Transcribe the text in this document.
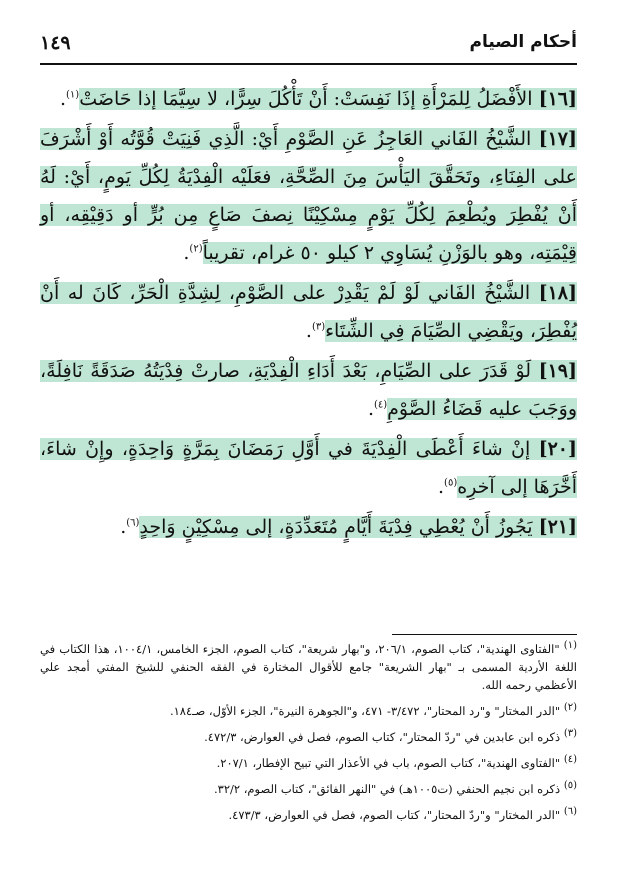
أحكام الصيام
١٤٩

[١٦] الأَفْضَلُ لِلمَرْأَةِ إذَا نَفِسَتْ: أَنْ تَأْكُلَ سِرًّا، لا سِيَّمَا إذا حَاضَتْ$^{(١)}$.

[١٧] الشَّيْخُ الفَاني العَاجِزُ عَنِ الصَّوْمِ أَيْ: الَّذِي فَنِيَتْ قُوَّتُه أَوْ أَشْرَفَ على الفِنَاءِ، وتَحَقَّقَ اليَأْسَ مِنَ الصِّحَّةِ، فعَلَيْه الْفِدْيَةُ لِكُلِّ يَومٍ، أَيْ: لَهُ أَنْ يُفْطِرَ ويُطْعِمَ لِكُلِّ يَوْمٍ مِسْكِيْنًا نِصفَ صَاعٍ مِن بُرٍّ أو دَقِيْقِه، أو قِيْمَتِه، وهو بالوَزْنِ يُسَاوِي ٢ كيلو ٥٠ غرام، تقريباً$^{(٢)}$.

[١٨] الشَّيْخُ الفَاني لَوْ لَمْ يَقْدِرْ على الصَّوْمِ، لِشِدَّةِ الْحَرِّ، كَانَ له أَنْ يُفْطِرَ، ويَقْضِي الصِّيَامَ فِي الشِّتَاء$^{(٣)}$.

[١٩] لَوْ قَدَرَ على الصِّيَامِ، بَعْدَ أَدَاءِ الْفِدْيَةِ، صارتْ فِدْيَتُهُ صَدَقَةً نَافِلَةً، ووَجَبَ عليه قَضَاءُ الصَّوْمِ$^{(٤)}$.

[٢٠] إنْ شاءَ أَعْطَى الْفِدْيَةَ في أَوَّلِ رَمَضَانَ بِمَرَّةٍ وَاحِدَةٍ، وإِنْ شاءَ، أَخَّرَهَا إلى آخرِه$^{(٥)}$.

[٢١] يَجُوزُ أَنْ يُعْطِي فِدْيَةَ أَيَّامٍ مُتَعَدِّدَةٍ، إلى مِسْكِيْنٍ وَاحِدٍ$^{(٦)}$.

$^{(١)}$ "الفتاوى الهندية"، كتاب الصوم، ٢٠٦/١، و"بهار شريعة"، كتاب الصوم، الجزء الخامس، ١٠٠٤/١، هذا الكتاب في اللغة الأردية المسمى بـ "بهار الشريعة" جامع للأقوال المختارة في الفقه الحنفي للشيخ المفتي أمجد علي الأعظمي رحمه الله.

$^{(٢)}$ "الدر المختار" و"رد المحتار"، ٣/٤٧٢- ٤٧١، و"الجوهرة النيرة"، الجزء الأوّل، صـ١٨٤.

$^{(٣)}$ ذكره ابن عابدين في "ردّ المحتار"، كتاب الصوم، فصل في العوارض، ٤٧٢/٣.

$^{(٤)}$ "الفتاوى الهندية"، كتاب الصوم، باب في الأعذار التي تبيح الإفطار، ٢٠٧/١.

$^{(٥)}$ ذكره ابن نجيم الحنفي (ت١٠٠٥هـ) في "النهر الفائق"، كتاب الصوم، ٣٢/٢.

$^{(٦)}$ "الدر المختار" و"ردّ المحتار"، كتاب الصوم، فصل في العوارض، ٤٧٣/٣.
